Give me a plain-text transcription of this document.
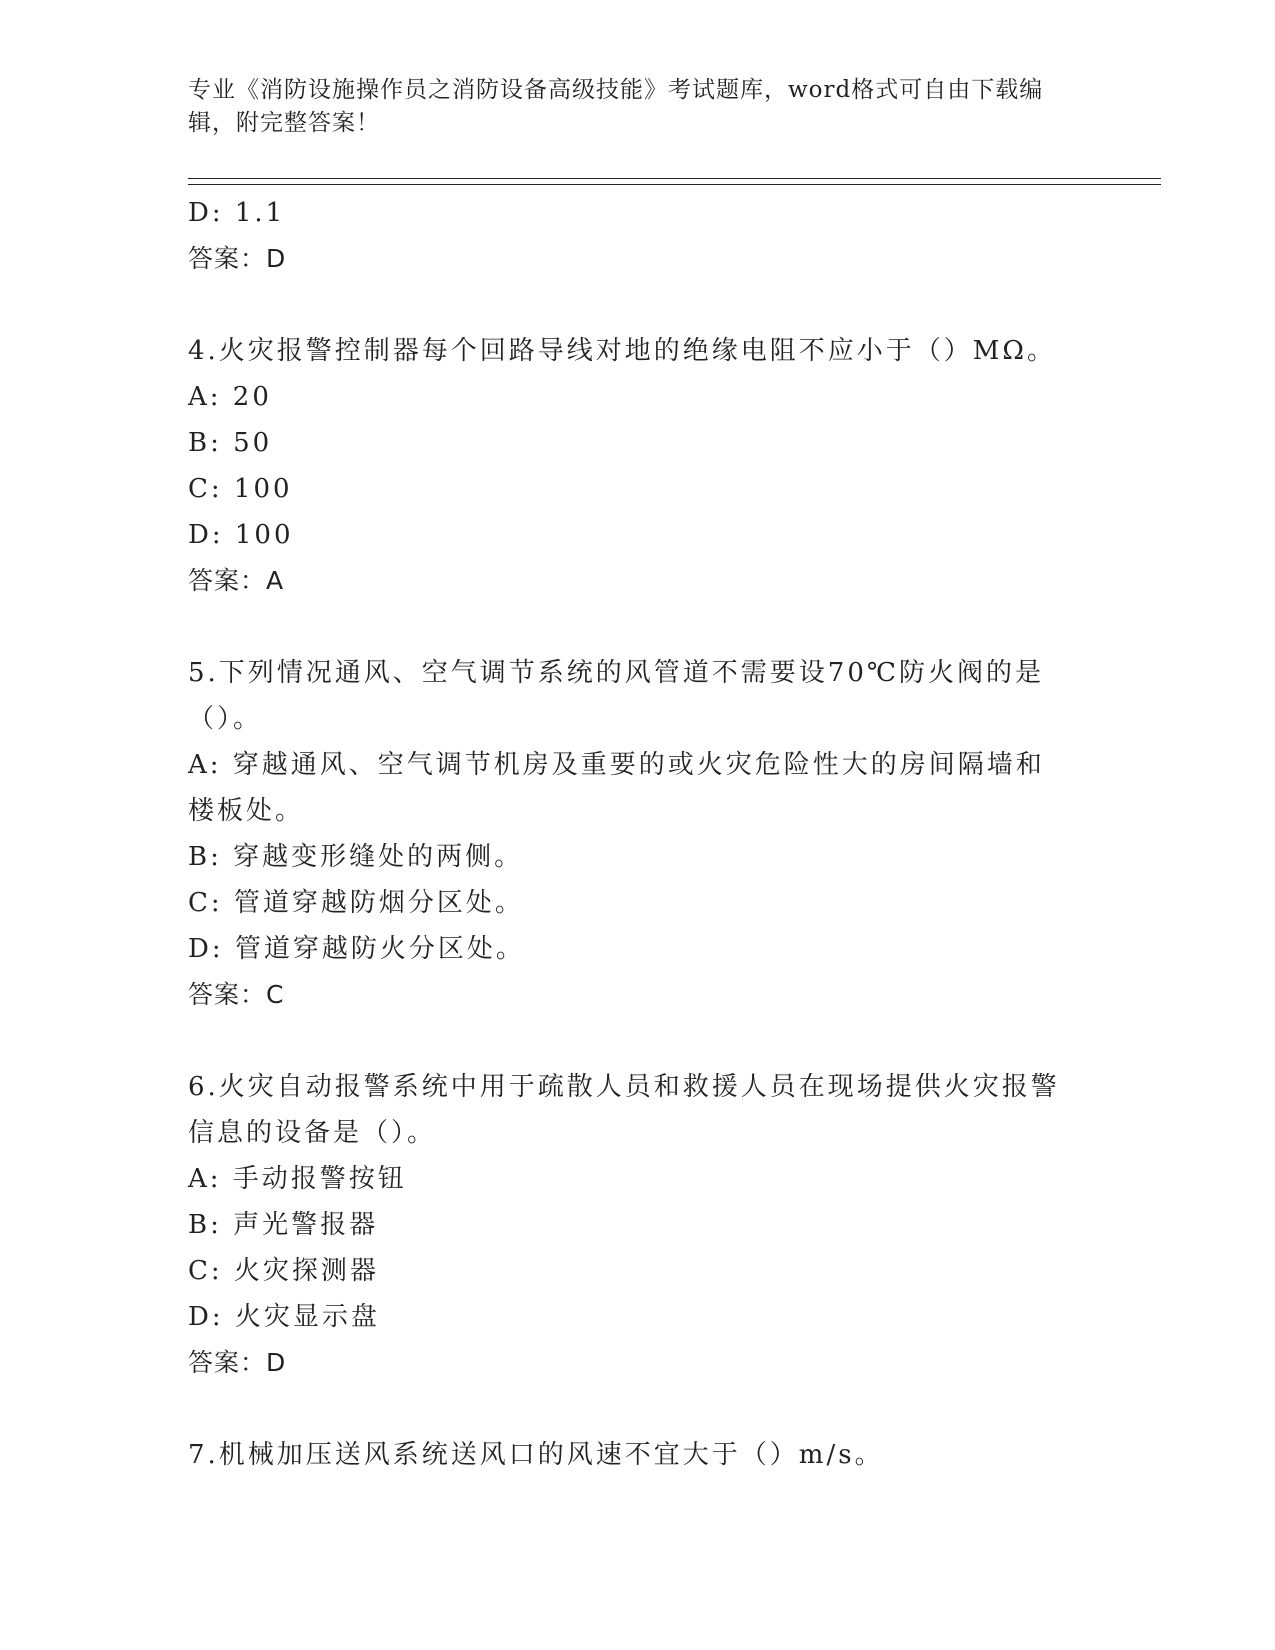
专业《消防设施操作员之消防设备高级技能》考试题库，word格式可自由下载编辑，附完整答案！
D: 1.1
答案：D
4.火灾报警控制器每个回路导线对地的绝缘电阻不应小于（）MΩ。
A: 20
B: 50
C: 100
D: 100
答案：A
5.下列情况通风、空气调节系统的风管道不需要设70℃防火阀的是（）。
A: 穿越通风、空气调节机房及重要的或火灾危险性大的房间隔墙和楼板处。
B: 穿越变形缝处的两侧。
C: 管道穿越防烟分区处。
D: 管道穿越防火分区处。
答案：C
6.火灾自动报警系统中用于疏散人员和救援人员在现场提供火灾报警信息的设备是（）。
A: 手动报警按钮
B: 声光警报器
C: 火灾探测器
D: 火灾显示盘
答案：D
7.机械加压送风系统送风口的风速不宜大于（）m/s。
